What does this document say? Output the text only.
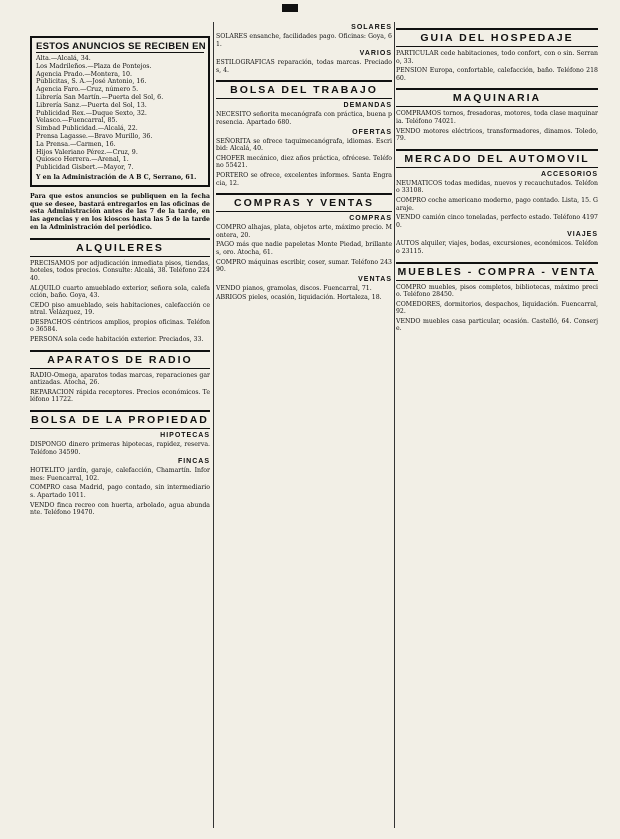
ESTOS ANUNCIOS SE RECIBEN EN
Alta.—Alcalá, 34.
Los Madrileños.—Plaza de Pontejos.
Agencia Prado.—Montera, 10.
Publicitas, S. A.—José Antonio, 16.
Agencia Faro.—Cruz, número 5.
Librería San Martín.—Puerta del Sol, 6.
Librería Sanz.—Puerta del Sol, 13.
Publicidad Rex.—Duque Sexto, 32.
Velasco.—Fuencarral, 85.
Simbad Publicidad.—Alcalá, 22.
Prensa Lagasse.—Bravo Murillo, 36.
La Prensa.—Carmen, 16.
Hijos Valeriano Pérez.—Cruz, 9.
Quiosco Herrera.—Arenal, 1.
Publicidad Gisbert.—Mayor, 7.
Y en la Administración de A B C, Serrano, 61.
Para que estos anuncios se publiquen en la fecha que se desee, bastará entregarlos en las oficinas de esta Administración antes de las 7 de la tarde, en las agencias y en los kioscos hasta las 5 de la tarde en la Administración del periódico.
ALQUILERES

PRECISAMOS por adjudicación inmediata pisos, tiendas, hoteles, todos precios. Consulte: Alcalá, 38. Teléfono 22440.

ALQUILO cuarto amueblado exterior, señora sola, calefacción, baño. Goya, 43.

CEDO piso amueblado, seis habitaciones, calefacción central. Velázquez, 19.

DESPACHOS céntricos amplios, propios oficinas. Teléfono 36584.

PERSONA sola cede habitación exterior. Preciados, 33.

APARATOS DE RADIO

RADIO-Omega, aparatos todas marcas, reparaciones garantizadas. Atocha, 26.

REPARACION rápida receptores. Precios económicos. Teléfono 11722.

BOLSA DE LA PROPIEDAD
HIPOTECAS

DISPONGO dinero primeras hipotecas, rapidez, reserva. Teléfono 34590.

FINCAS

HOTELITO jardín, garaje, calefacción, Chamartín. Informes: Fuencarral, 102.

COMPRO casa Madrid, pago contado, sin intermediarios. Apartado 1011.

VENDO finca recreo con huerta, arbolado, agua abundante. Teléfono 19470.

SOLARES

SOLARES ensanche, facilidades pago. Oficinas: Goya, 61.

VARIOS

ESTILOGRAFICAS reparación, todas marcas. Preciados, 4.

BOLSA DEL TRABAJO
DEMANDAS

NECESITO señorita mecanógrafa con práctica, buena presencia. Apartado 680.

OFERTAS

SEÑORITA se ofrece taquimecanógrafa, idiomas. Escribid: Alcalá, 40.

CHOFER mecánico, diez años práctica, ofrécese. Teléfono 55421.

PORTERO se ofrece, excelentes informes. Santa Engracia, 12.

COMPRAS Y VENTAS
COMPRAS

COMPRO alhajas, plata, objetos arte, máximo precio. Montera, 20.

PAGO más que nadie papeletas Monte Piedad, brillantes, oro. Atocha, 61.

COMPRO máquinas escribir, coser, sumar. Teléfono 24390.

VENTAS

VENDO pianos, gramolas, discos. Fuencarral, 71.

ABRIGOS pieles, ocasión, liquidación. Hortaleza, 18.

GUIA DEL HOSPEDAJE

PARTICULAR cede habitaciones, todo confort, con o sin. Serrano, 33.

PENSION Europa, confortable, calefacción, baño. Teléfono 21860.

MAQUINARIA

COMPRAMOS tornos, fresadoras, motores, toda clase maquinaria. Teléfono 74021.

VENDO motores eléctricos, transformadores, dinamos. Toledo, 79.

MERCADO DEL AUTOMOVIL
ACCESORIOS

NEUMATICOS todas medidas, nuevos y recauchutados. Teléfono 33108.

COMPRO coche americano moderno, pago contado. Lista, 15. Garaje.

VENDO camión cinco toneladas, perfecto estado. Teléfono 41970.

VIAJES

AUTOS alquiler, viajes, bodas, excursiones, económicos. Teléfono 23115.

MUEBLES - COMPRA - VENTA

COMPRO muebles, pisos completos, bibliotecas, máximo precio. Teléfono 28450.

COMEDORES, dormitorios, despachos, liquidación. Fuencarral, 92.

VENDO muebles casa particular, ocasión. Castelló, 64. Conserje.
